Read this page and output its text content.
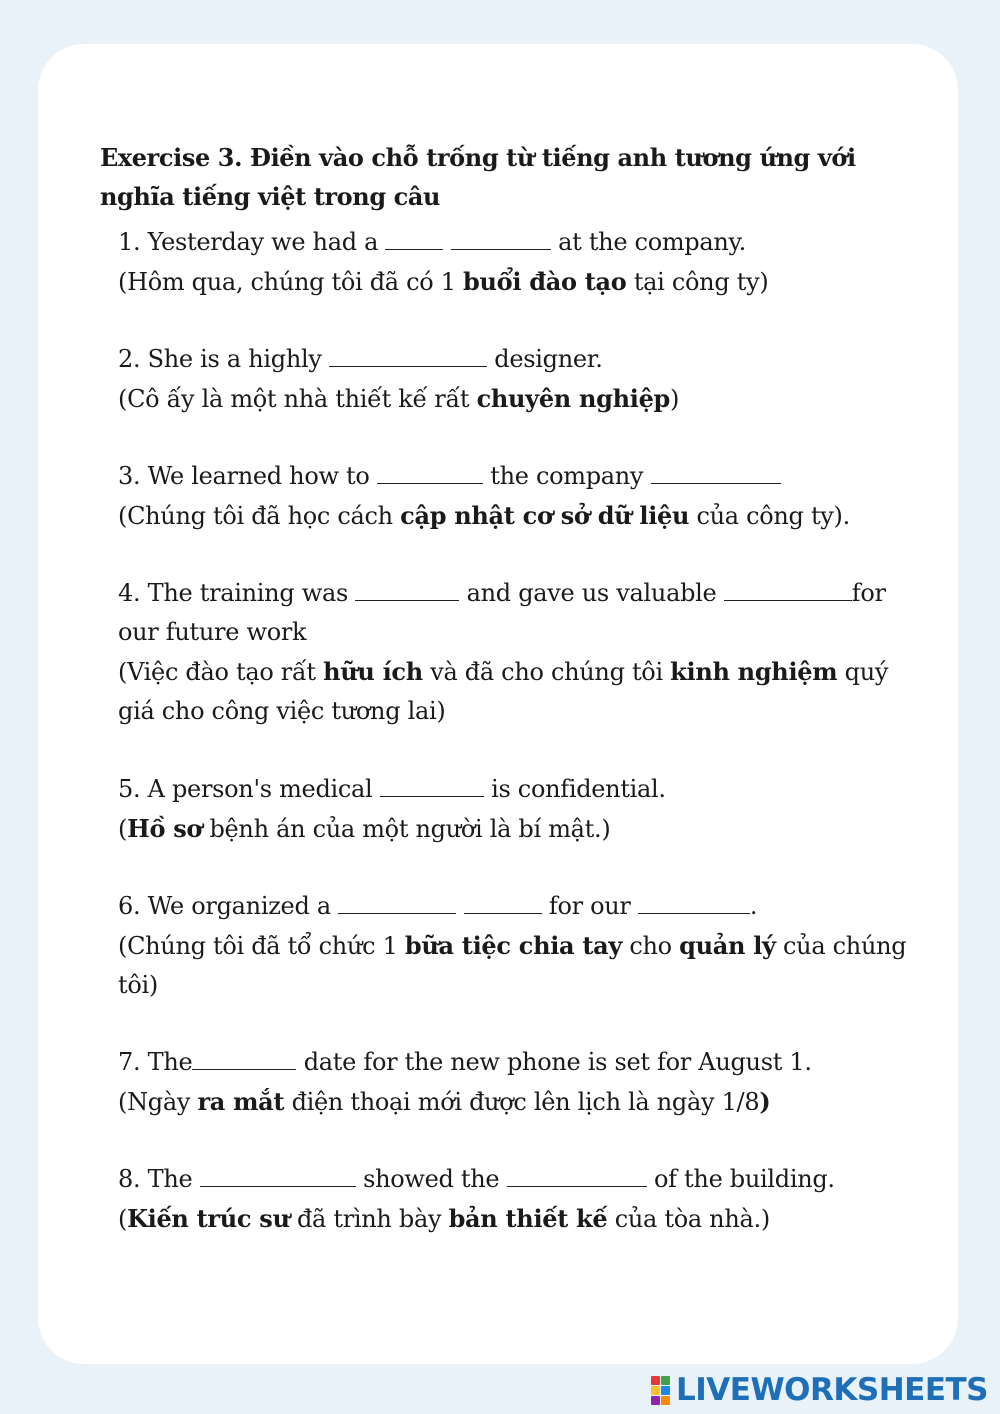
Exercise 3. Điền vào chỗ trống từ tiếng anh tương ứng với nghĩa tiếng việt trong câu
1. Yesterday we had a	at the company.
(Hôm qua, chúng tôi đã có 1 buổi đào tạo tại công ty)
2. She is a highly	designer.
(Cô ấy là một nhà thiết kế rất chuyên nghiệp)
3. We learned how to	the company
(Chúng tôi đã học cách cập nhật cơ sở dữ liệu của công ty).
4. The training was	and gave us valuable	for our future work
(Việc đào tạo rất hữu ích và đã cho chúng tôi kinh nghiệm quý giá cho công việc tương lai)
5. A person's medical	is confidential.
(Hồ sơ bệnh án của một người là bí mật.)
6. We organized a	for our	.
(Chúng tôi đã tổ chức 1 bữa tiệc chia tay cho quản lý của chúng tôi)
7. The	date for the new phone is set for August 1.
(Ngày ra mắt điện thoại mới được lên lịch là ngày 1/8)
8. The	showed the	of the building.
(Kiến trúc sư đã trình bày bản thiết kế của tòa nhà.)
LIVEWORKSHEETS
